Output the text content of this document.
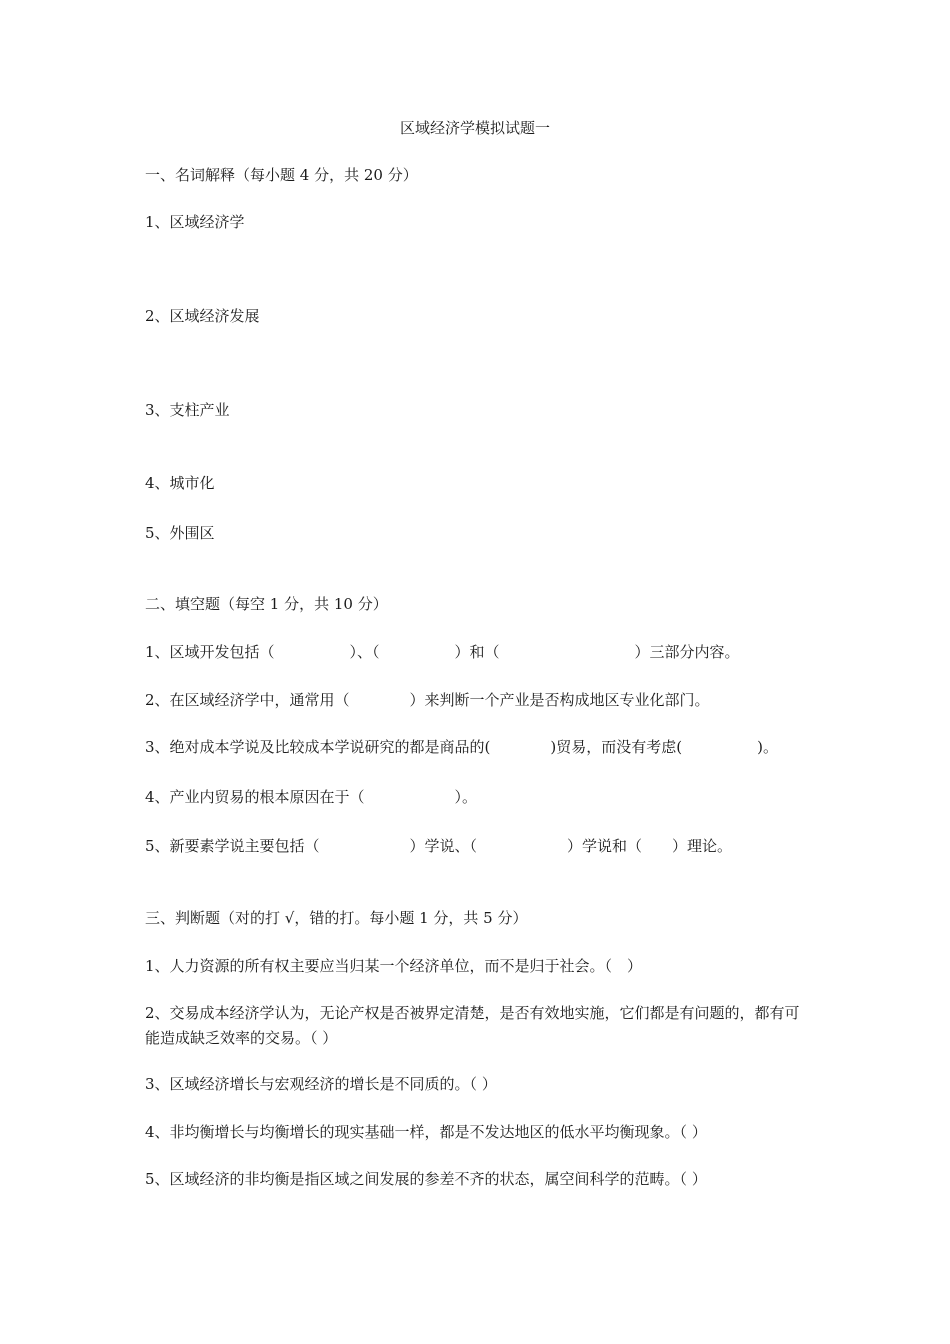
区域经济学模拟试题一
一、名词解释（每小题 4 分，共 20 分）
1、区域经济学
2、区域经济发展
3、支柱产业
4、城市化
5、外围区
二、填空题（每空 1 分，共 10 分）
1、区域开发包括（　　　　　）、（　　　　　）和（　　　　　　　　　）三部分内容。
2、在区域经济学中，通常用（　　　　）来判断一个产业是否构成地区专业化部门。
3、绝对成本学说及比较成本学说研究的都是商品的(　　　　)贸易，而没有考虑(　　　　　)。
4、产业内贸易的根本原因在于（　　　　　　）。
5、新要素学说主要包括（　　　　　　）学说、（　　　　　　）学说和（　　）理论。
三、判断题（对的打 √，错的打。每小题 1 分，共 5 分）
1、人力资源的所有权主要应当归某一个经济单位，而不是归于社会。（　）
2、交易成本经济学认为，无论产权是否被界定清楚，是否有效地实施，它们都是有问题的，都有可能造成缺乏效率的交易。（ ）
3、区域经济增长与宏观经济的增长是不同质的。（ ）
4、非均衡增长与均衡增长的现实基础一样，都是不发达地区的低水平均衡现象。（ ）
5、区域经济的非均衡是指区域之间发展的参差不齐的状态，属空间科学的范畴。（ ）
